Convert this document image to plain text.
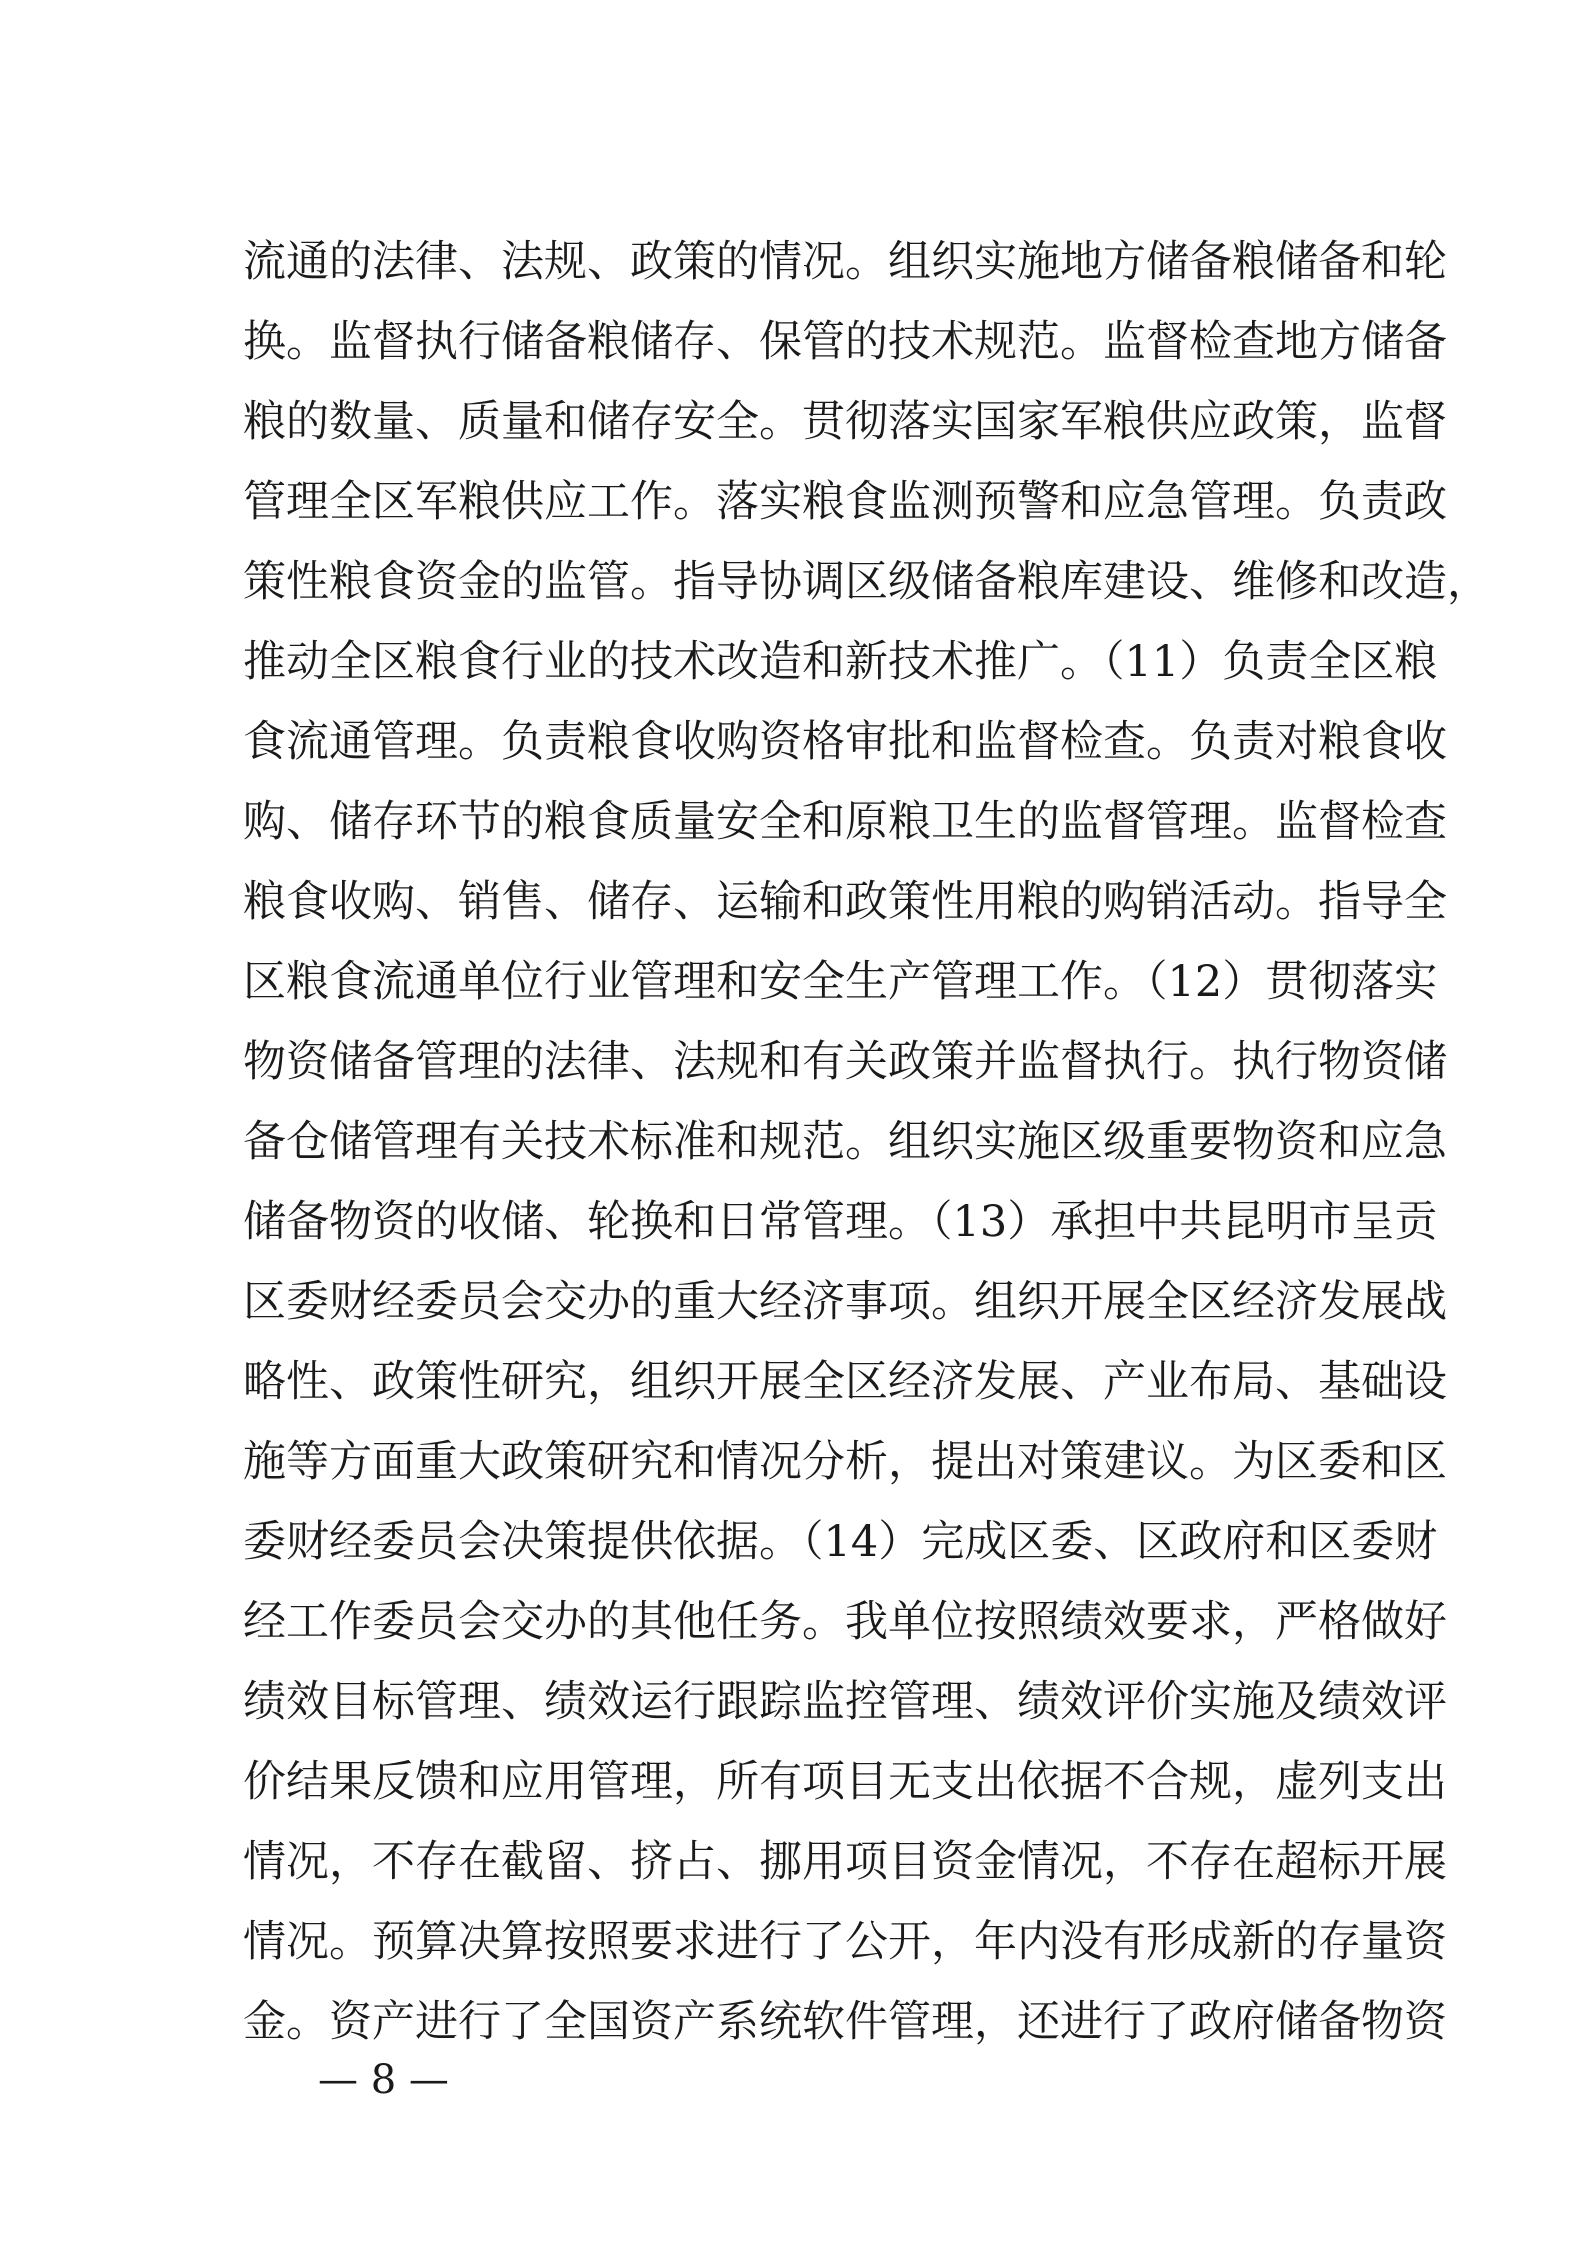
流通的法律、法规、政策的情况。组织实施地方储备粮储备和轮
换。监督执行储备粮储存、保管的技术规范。监督检查地方储备
粮的数量、质量和储存安全。贯彻落实国家军粮供应政策，监督
管理全区军粮供应工作。落实粮食监测预警和应急管理。负责政
策性粮食资金的监管。指导协调区级储备粮库建设、维修和改造，
推动全区粮食行业的技术改造和新技术推广。（11）负责全区粮
食流通管理。负责粮食收购资格审批和监督检查。负责对粮食收
购、储存环节的粮食质量安全和原粮卫生的监督管理。监督检查
粮食收购、销售、储存、运输和政策性用粮的购销活动。指导全
区粮食流通单位行业管理和安全生产管理工作。（12）贯彻落实
物资储备管理的法律、法规和有关政策并监督执行。执行物资储
备仓储管理有关技术标准和规范。组织实施区级重要物资和应急
储备物资的收储、轮换和日常管理。（13）承担中共昆明市呈贡
区委财经委员会交办的重大经济事项。组织开展全区经济发展战
略性、政策性研究，组织开展全区经济发展、产业布局、基础设
施等方面重大政策研究和情况分析，提出对策建议。为区委和区
委财经委员会决策提供依据。（14）完成区委、区政府和区委财
经工作委员会交办的其他任务。我单位按照绩效要求，严格做好
绩效目标管理、绩效运行跟踪监控管理、绩效评价实施及绩效评
价结果反馈和应用管理，所有项目无支出依据不合规，虚列支出
情况，不存在截留、挤占、挪用项目资金情况，不存在超标开展
情况。预算决算按照要求进行了公开，年内没有形成新的存量资
金。资产进行了全国资产系统软件管理，还进行了政府储备物资
— 8 —
